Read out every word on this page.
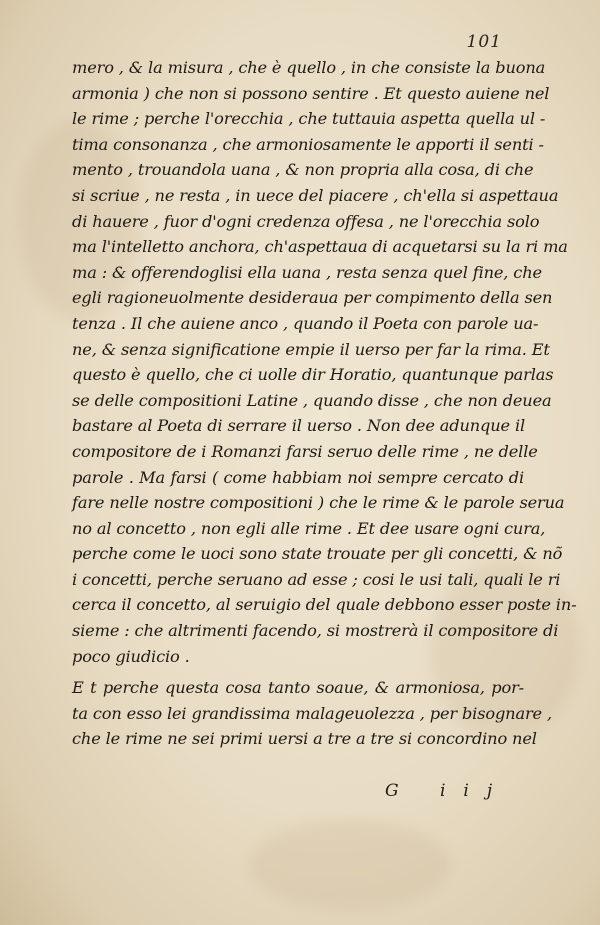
101
mero , & la misura , che è quello , in che consiste la buona
armonia ) che non si possono sentire . Et questo auiene nel
le rime ; perche l'orecchia , che tuttauia aspetta quella ul -
tima consonanza , che armoniosamente le apporti il senti -
mento , trouandola uana , & non propria alla cosa, di che
si scriue , ne resta , in uece del piacere , ch'ella si aspettaua
di hauere , fuor d'ogni credenza offesa , ne l'orecchia solo
ma l'intelletto anchora, ch'aspettaua di acquetarsi su la ri ma
ma : & offerendoglisi ella uana , resta senza quel fine, che
egli ragioneuolmente desideraua per compimento della sen
tenza . Il che auiene anco , quando il Poeta con parole ua-
ne, & senza significatione empie il uerso per far la rima. Et
questo è quello, che ci uolle dir Horatio, quantunque parlas
se delle compositioni Latine , quando disse , che non deuea
bastare al Poeta di serrare il uerso . Non dee adunque il
compositore de i Romanzi farsi seruo delle rime , ne delle
parole . Ma farsi ( come habbiam noi sempre cercato di
fare nelle nostre compositioni ) che le rime & le parole serua
no al concetto , non egli alle rime . Et dee usare ogni cura,
perche come le uoci sono state trouate per gli concetti, & nõ
i concetti, perche seruano ad esse ; cosi le usi tali, quali le ri
cerca il concetto, al seruigio del quale debbono esser poste in-
sieme : che altrimenti facendo, si mostrerà il compositore di
poco giudicio .
E t perche questa cosa tanto soaue, & armoniosa, por-
ta con esso lei grandissima malageuolezza , per bisognare ,
che le rime ne sei primi uersi a tre a tre si concordino nel
G iij
